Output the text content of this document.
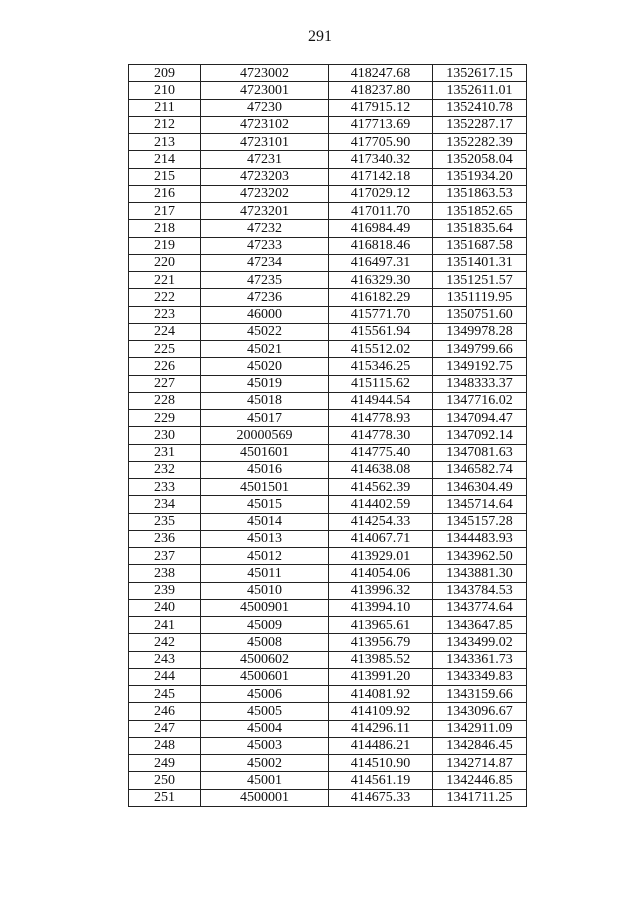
291
209	4723002	418247.68	1352617.15
210	4723001	418237.80	1352611.01
211	47230	417915.12	1352410.78
212	4723102	417713.69	1352287.17
213	4723101	417705.90	1352282.39
214	47231	417340.32	1352058.04
215	4723203	417142.18	1351934.20
216	4723202	417029.12	1351863.53
217	4723201	417011.70	1351852.65
218	47232	416984.49	1351835.64
219	47233	416818.46	1351687.58
220	47234	416497.31	1351401.31
221	47235	416329.30	1351251.57
222	47236	416182.29	1351119.95
223	46000	415771.70	1350751.60
224	45022	415561.94	1349978.28
225	45021	415512.02	1349799.66
226	45020	415346.25	1349192.75
227	45019	415115.62	1348333.37
228	45018	414944.54	1347716.02
229	45017	414778.93	1347094.47
230	20000569	414778.30	1347092.14
231	4501601	414775.40	1347081.63
232	45016	414638.08	1346582.74
233	4501501	414562.39	1346304.49
234	45015	414402.59	1345714.64
235	45014	414254.33	1345157.28
236	45013	414067.71	1344483.93
237	45012	413929.01	1343962.50
238	45011	414054.06	1343881.30
239	45010	413996.32	1343784.53
240	4500901	413994.10	1343774.64
241	45009	413965.61	1343647.85
242	45008	413956.79	1343499.02
243	4500602	413985.52	1343361.73
244	4500601	413991.20	1343349.83
245	45006	414081.92	1343159.66
246	45005	414109.92	1343096.67
247	45004	414296.11	1342911.09
248	45003	414486.21	1342846.45
249	45002	414510.90	1342714.87
250	45001	414561.19	1342446.85
251	4500001	414675.33	1341711.25
